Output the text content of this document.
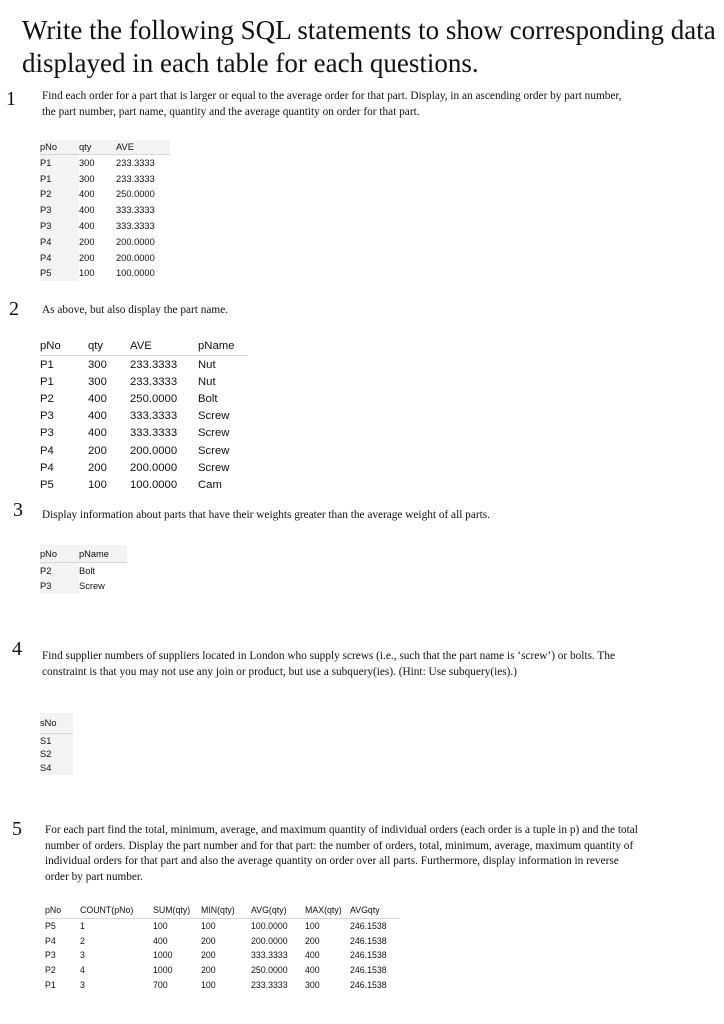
Write the following SQL statements to show corresponding data displayed in each table for each questions.
1 Find each order for a part that is larger or equal to the average order for that part. Display, in an ascending order by part number, the part number, part name, quantity and the average quantity on order for that part.
pNo	qty	AVE
P1	300	233.3333
P1	300	233.3333
P2	400	250.0000
P3	400	333.3333
P3	400	333.3333
P4	200	200.0000
P4	200	200.0000
P5	100	100.0000
2 As above, but also display the part name.
pNo	qty	AVE	pName
P1	300	233.3333	Nut
P1	300	233.3333	Nut
P2	400	250.0000	Bolt
P3	400	333.3333	Screw
P3	400	333.3333	Screw
P4	200	200.0000	Screw
P4	200	200.0000	Screw
P5	100	100.0000	Cam
3 Display information about parts that have their weights greater than the average weight of all parts.
pNo	pName
P2	Bolt
P3	Screw
4 Find supplier numbers of suppliers located in London who supply screws (i.e., such that the part name is ‘screw’) or bolts. The constraint is that you may not use any join or product, but use a subquery(ies). (Hint: Use subquery(ies).)
sNo
S1
S2
S4
5 For each part find the total, minimum, average, and maximum quantity of individual orders (each order is a tuple in p) and the total number of orders. Display the part number and for that part: the number of orders, total, minimum, average, maximum quantity of individual orders for that part and also the average quantity on order over all parts. Furthermore, display information in reverse order by part number.
pNo	COUNT(pNo)	SUM(qty)	MIN(qty)	AVG(qty)	MAX(qty)	AVGqty
P5	1	100	100	100.0000	100	246.1538
P4	2	400	200	200.0000	200	246.1538
P3	3	1000	200	333.3333	400	246.1538
P2	4	1000	200	250.0000	400	246.1538
P1	3	700	100	233.3333	300	246.1538
